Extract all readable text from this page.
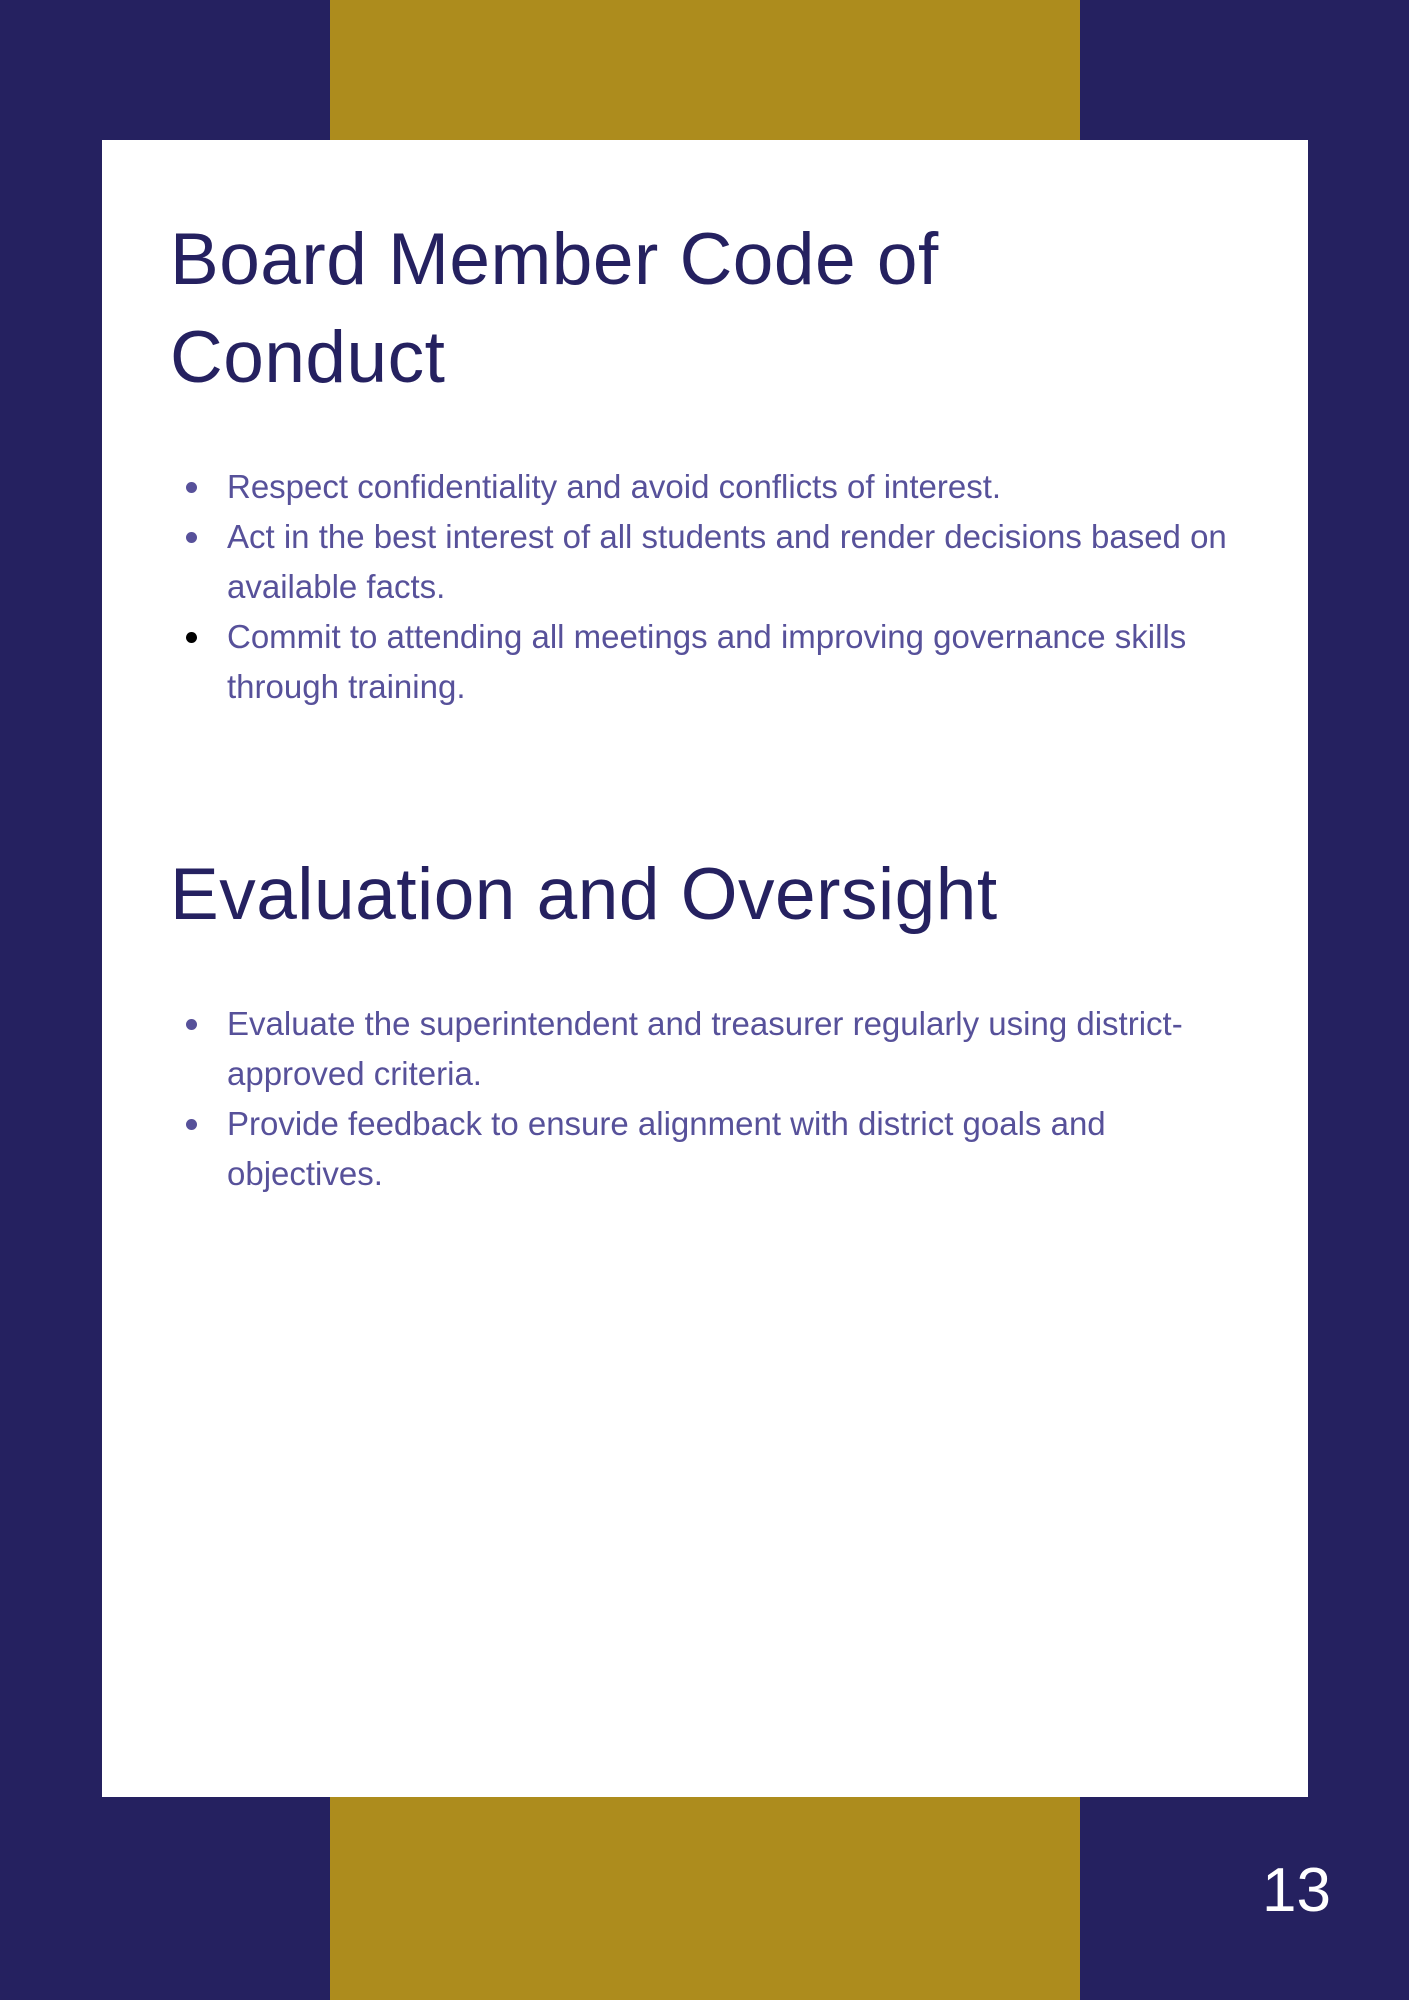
Board Member Code of Conduct
Respect confidentiality and avoid conflicts of interest.
Act in the best interest of all students and render decisions based on available facts.
Commit to attending all meetings and improving governance skills through training.
Evaluation and Oversight
Evaluate the superintendent and treasurer regularly using district-approved criteria.
Provide feedback to ensure alignment with district goals and objectives.
13
